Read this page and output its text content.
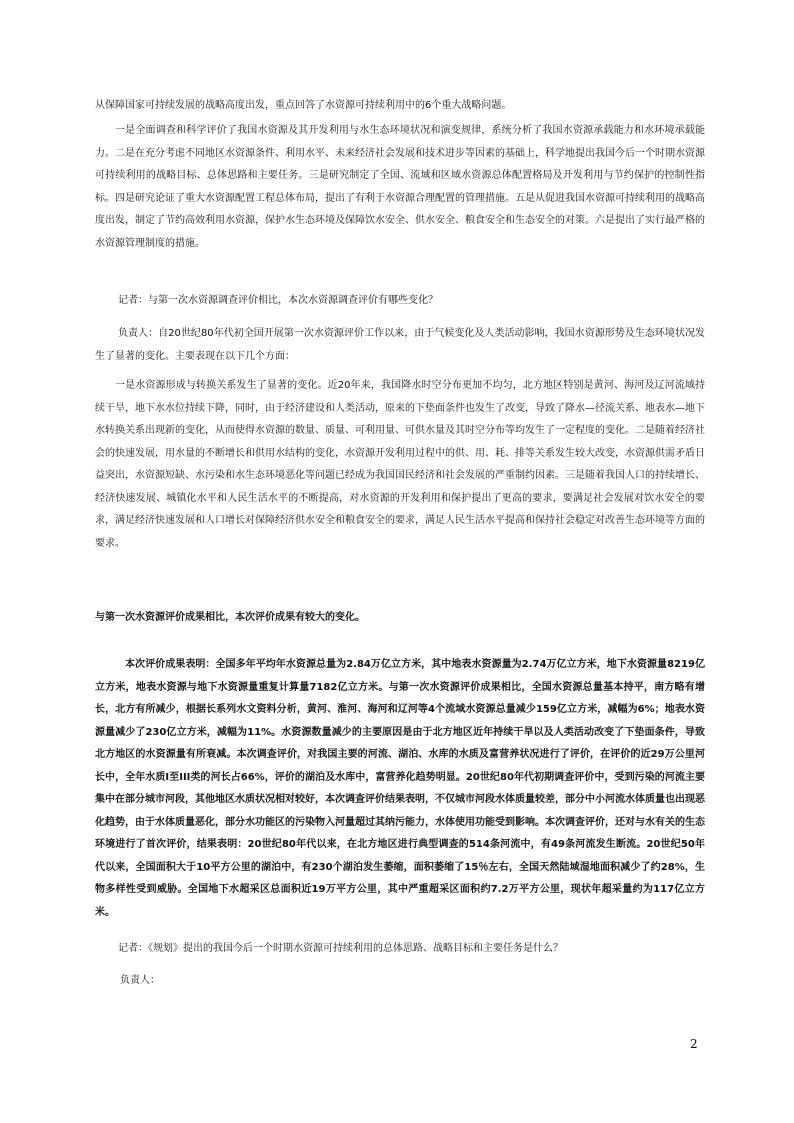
从保障国家可持续发展的战略高度出发，重点回答了水资源可持续利用中的6个重大战略问题。

一是全面调查和科学评价了我国水资源及其开发利用与水生态环境状况和演变规律，系统分析了我国水资源承载能力和水环境承载能力。二是在充分考虑不同地区水资源条件、利用水平、未来经济社会发展和技术进步等因素的基础上，科学地提出我国今后一个时期水资源可持续利用的战略目标、总体思路和主要任务。三是研究制定了全国、流域和区域水资源总体配置格局及开发利用与节约保护的控制性指标。四是研究论证了重大水资源配置工程总体布局，提出了有利于水资源合理配置的管理措施。五是从促进我国水资源可持续利用的战略高度出发，制定了节约高效利用水资源，保护水生态环境及保障饮水安全、供水安全、粮食安全和生态安全的对策。六是提出了实行最严格的水资源管理制度的措施。

记者：与第一次水资源调查评价相比，本次水资源调查评价有哪些变化？

负责人：自20世纪80年代初全国开展第一次水资源评价工作以来，由于气候变化及人类活动影响，我国水资源形势及生态环境状况发生了显著的变化。主要表现在以下几个方面：

一是水资源形成与转换关系发生了显著的变化。近20年来，我国降水时空分布更加不均匀，北方地区特别是黄河、海河及辽河流域持续干旱，地下水水位持续下降，同时，由于经济建设和人类活动，原来的下垫面条件也发生了改变，导致了降水—径流关系、地表水—地下水转换关系出现新的变化，从而使得水资源的数量、质量、可利用量、可供水量及其时空分布等均发生了一定程度的变化。二是随着经济社会的快速发展，用水量的不断增长和供用水结构的变化，水资源开发利用过程中的供、用、耗、排等关系发生较大改变，水资源供需矛盾日益突出，水资源短缺、水污染和水生态环境恶化等问题已经成为我国国民经济和社会发展的严重制约因素。三是随着我国人口的持续增长、经济快速发展、城镇化水平和人民生活水平的不断提高，对水资源的开发利用和保护提出了更高的要求，要满足社会发展对饮水安全的要求，满足经济快速发展和人口增长对保障经济供水安全和粮食安全的要求，满足人民生活水平提高和保持社会稳定对改善生态环境等方面的要求。

与第一次水资源评价成果相比，本次评价成果有较大的变化。

本次评价成果表明：全国多年平均年水资源总量为2.84万亿立方米，其中地表水资源量为2.74万亿立方米，地下水资源量8219亿立方米，地表水资源与地下水资源量重复计算量7182亿立方米。与第一次水资源评价成果相比，全国水资源总量基本持平，南方略有增长，北方有所减少，根据长系列水文资料分析，黄河、淮河、海河和辽河等4个流域水资源总量减少159亿立方米，减幅为6%；地表水资源量减少了230亿立方米，减幅为11%。水资源数量减少的主要原因是由于北方地区近年持续干旱以及人类活动改变了下垫面条件，导致北方地区的水资源量有所衰减。本次调查评价，对我国主要的河流、湖泊、水库的水质及富营养状况进行了评价，在评价的近29万公里河长中，全年水质I至III类的河长占66%，评价的湖泊及水库中，富营养化趋势明显。20世纪80年代初期调查评价中，受到污染的河流主要集中在部分城市河段，其他地区水质状况相对较好，本次调查评价结果表明，不仅城市河段水体质量较差，部分中小河流水体质量也出现恶化趋势，由于水体质量恶化，部分水功能区的污染物入河量超过其纳污能力，水体使用功能受到影响。本次调查评价，还对与水有关的生态环境进行了首次评价，结果表明：20世纪80年代以来，在北方地区进行典型调查的514条河流中，有49条河流发生断流。20世纪50年代以来，全国面积大于10平方公里的湖泊中，有230个湖泊发生萎缩，面积萎缩了15％左右，全国天然陆域湿地面积减少了约28%，生物多样性受到威胁。全国地下水超采区总面积近19万平方公里，其中严重超采区面积约7.2万平方公里，现状年超采量约为117亿立方米。

记者：《规划》提出的我国今后一个时期水资源可持续利用的总体思路、战略目标和主要任务是什么？

负责人：

2
